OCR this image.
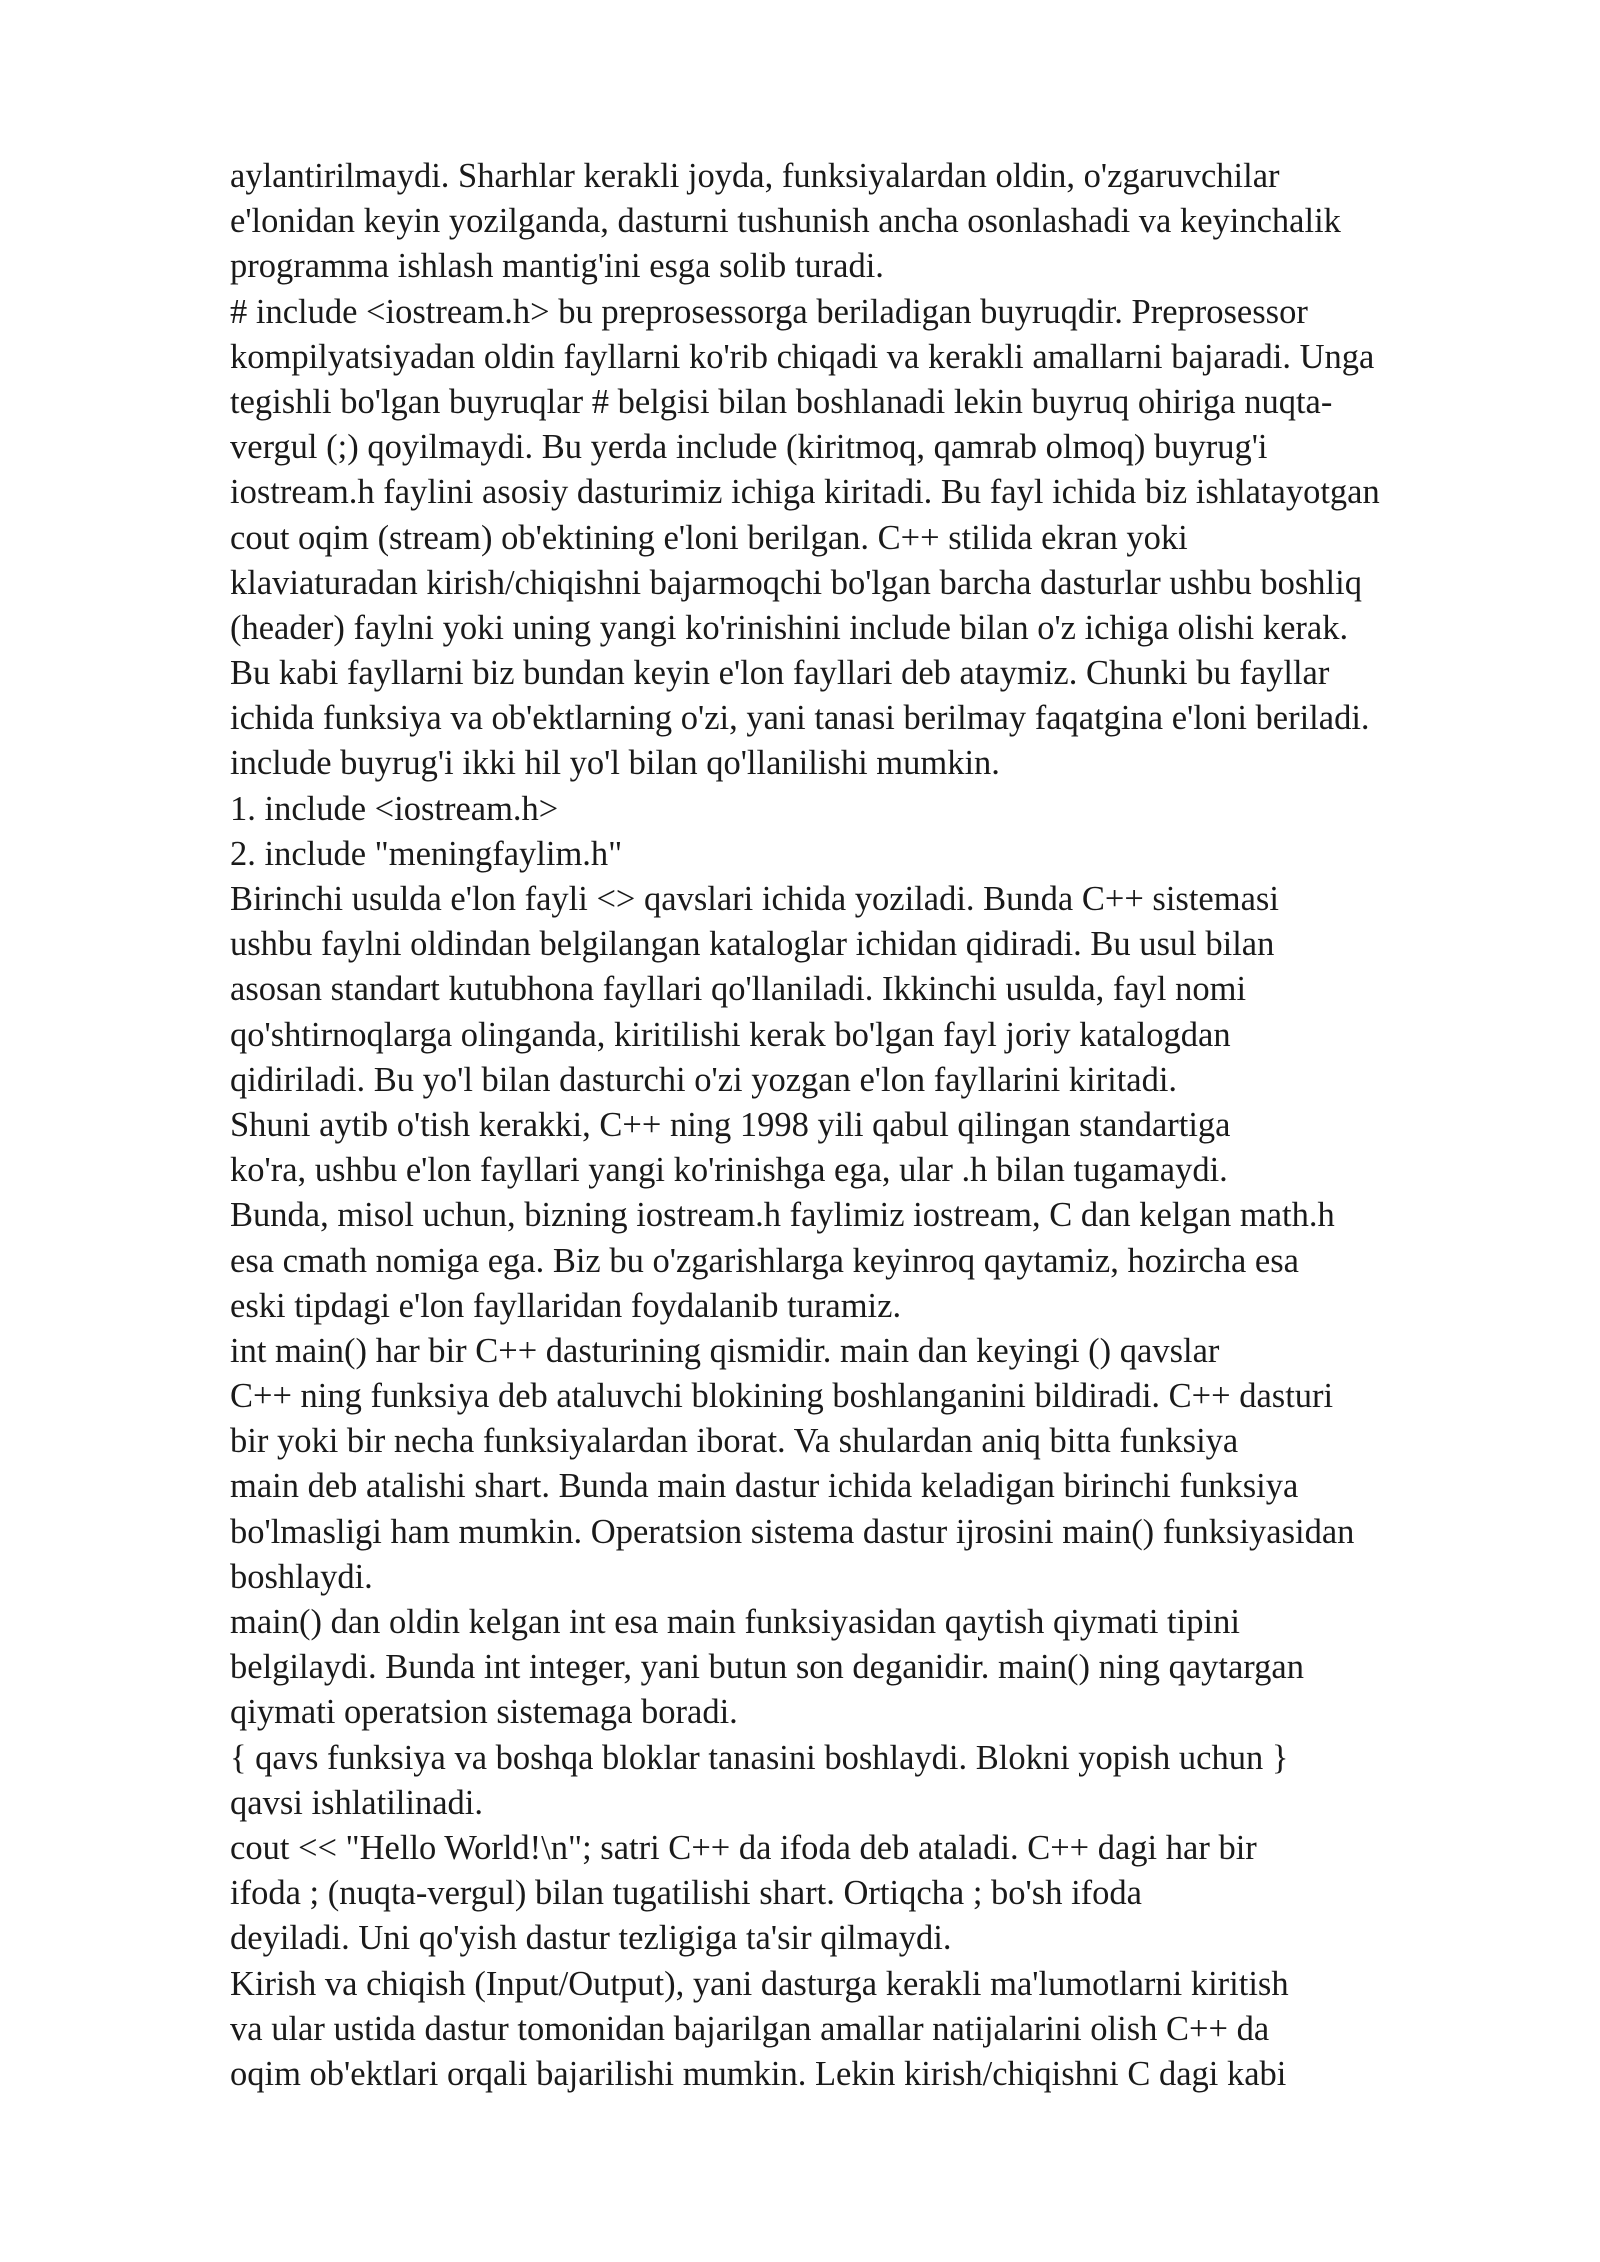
aylantirilmaydi. Sharhlar kerakli joyda, funksiyalardan oldin, o'zgaruvchilar
e'lonidan keyin yozilganda, dasturni tushunish ancha osonlashadi va keyinchalik
programma ishlash mantig'ini esga solib turadi.
# include <iostream.h> bu preprosessorga beriladigan buyruqdir. Preprosessor
kompilyatsiyadan oldin fayllarni ko'rib chiqadi va kerakli amallarni bajaradi. Unga
tegishli bo'lgan buyruqlar # belgisi bilan boshlanadi lekin buyruq ohiriga nuqta-
vergul (;) qoyilmaydi. Bu yerda include (kiritmoq, qamrab olmoq) buyrug'i
iostream.h faylini asosiy dasturimiz ichiga kiritadi. Bu fayl ichida biz ishlatayotgan
cout oqim (stream) ob'ektining e'loni berilgan. C++ stilida ekran yoki
klaviaturadan kirish/chiqishni bajarmoqchi bo'lgan barcha dasturlar ushbu boshliq
(header) faylni yoki uning yangi ko'rinishini include bilan o'z ichiga olishi kerak.
Bu kabi fayllarni biz bundan keyin e'lon fayllari deb ataymiz. Chunki bu fayllar
ichida funksiya va ob'ektlarning o'zi, yani tanasi berilmay faqatgina e'loni beriladi.
include buyrug'i ikki hil yo'l bilan qo'llanilishi mumkin.
1. include <iostream.h>
2. include "meningfaylim.h"
Birinchi usulda e'lon fayli <> qavslari ichida yoziladi. Bunda C++ sistemasi
ushbu faylni oldindan belgilangan kataloglar ichidan qidiradi. Bu usul bilan
asosan standart kutubhona fayllari qo'llaniladi. Ikkinchi usulda, fayl nomi
qo'shtirnoqlarga olinganda, kiritilishi kerak bo'lgan fayl joriy katalogdan
qidiriladi. Bu yo'l bilan dasturchi o'zi yozgan e'lon fayllarini kiritadi.
Shuni aytib o'tish kerakki, C++ ning 1998 yili qabul qilingan standartiga
ko'ra, ushbu e'lon fayllari yangi ko'rinishga ega, ular .h bilan tugamaydi.
Bunda, misol uchun, bizning iostream.h faylimiz iostream, C dan kelgan math.h
esa cmath nomiga ega. Biz bu o'zgarishlarga keyinroq qaytamiz, hozircha esa
eski tipdagi e'lon fayllaridan foydalanib turamiz.
int main() har bir C++ dasturining qismidir. main dan keyingi () qavslar
C++ ning funksiya deb ataluvchi blokining boshlanganini bildiradi. C++ dasturi
bir yoki bir necha funksiyalardan iborat. Va shulardan aniq bitta funksiya
main deb atalishi shart. Bunda main dastur ichida keladigan birinchi funksiya
bo'lmasligi ham mumkin. Operatsion sistema dastur ijrosini main() funksiyasidan
boshlaydi.
main() dan oldin kelgan int esa main funksiyasidan qaytish qiymati tipini
belgilaydi. Bunda int integer, yani butun son deganidir. main() ning qaytargan
qiymati operatsion sistemaga boradi.
{ qavs funksiya va boshqa bloklar tanasini boshlaydi. Blokni yopish uchun }
qavsi ishlatilinadi.
cout << "Hello World!\n"; satri C++ da ifoda deb ataladi. C++ dagi har bir
ifoda ; (nuqta-vergul) bilan tugatilishi shart. Ortiqcha ; bo'sh ifoda
deyiladi. Uni qo'yish dastur tezligiga ta'sir qilmaydi.
Kirish va chiqish (Input/Output), yani dasturga kerakli ma'lumotlarni kiritish
va ular ustida dastur tomonidan bajarilgan amallar natijalarini olish C++ da
oqim ob'ektlari orqali bajarilishi mumkin. Lekin kirish/chiqishni C dagi kabi
